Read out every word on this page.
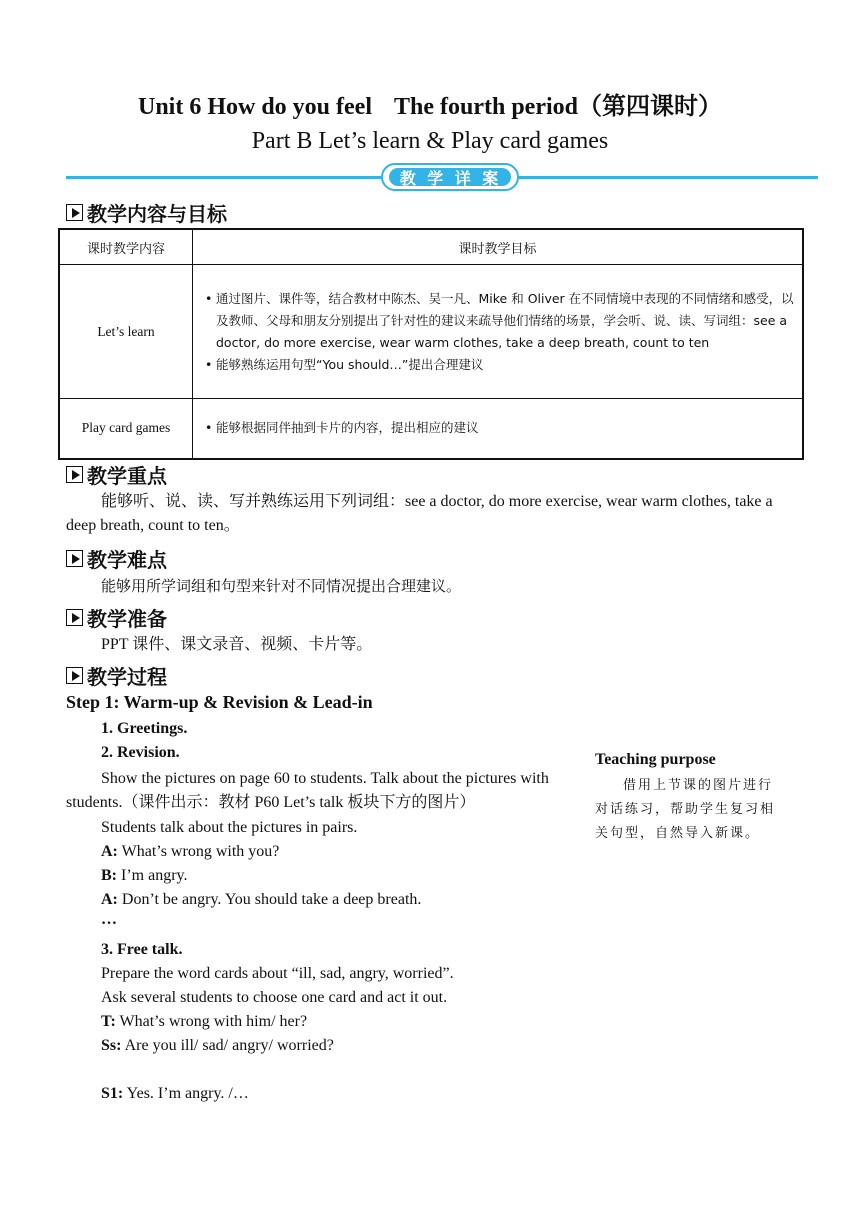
Unit 6 How do you feel The fourth period（第四课时）
Part B Let’s learn & Play card games
教 学 详 案
教学内容与目标
课时教学内容	课时教学目标
Let’s learn	• 通过图片、课件等，结合教材中陈杰、吴一凡、Mike 和 Oliver 在不同情境中表现的不同情绪和感受，以及教师、父母和朋友分别提出了针对性的建议来疏导他们情绪的场景，学会听、说、读、写词组：see a doctor, do more exercise, wear warm clothes, take a deep breath, count to ten
• 能够熟练运用句型“You should…”提出合理建议

Play card games	• 能够根据同伴抽到卡片的内容，提出相应的建议
教学重点
能够听、说、读、写并熟练运用下列词组：see a doctor, do more exercise, wear warm clothes, take a deep breath, count to ten。
教学难点
能够用所学词组和句型来针对不同情况提出合理建议。
教学准备
PPT 课件、课文录音、视频、卡片等。
教学过程
Step 1: Warm-up & Revision & Lead-in
1. Greetings.
2. Revision.
Show the pictures on page 60 to students. Talk about the pictures with students.（课件出示：教材 P60 Let’s talk 板块下方的图片）
Students talk about the pictures in pairs.
A: What’s wrong with you?
B: I’m angry.
A: Don’t be angry. You should take a deep breath.
…
3. Free talk.
Prepare the word cards about “ill, sad, angry, worried”.
Ask several students to choose one card and act it out.
T: What’s wrong with him/ her?
Ss: Are you ill/ sad/ angry/ worried?
S1: Yes. I’m angry. /…
Teaching purpose
借用上节课的图片进行对话练习，帮助学生复习相关句型，自然导入新课。
